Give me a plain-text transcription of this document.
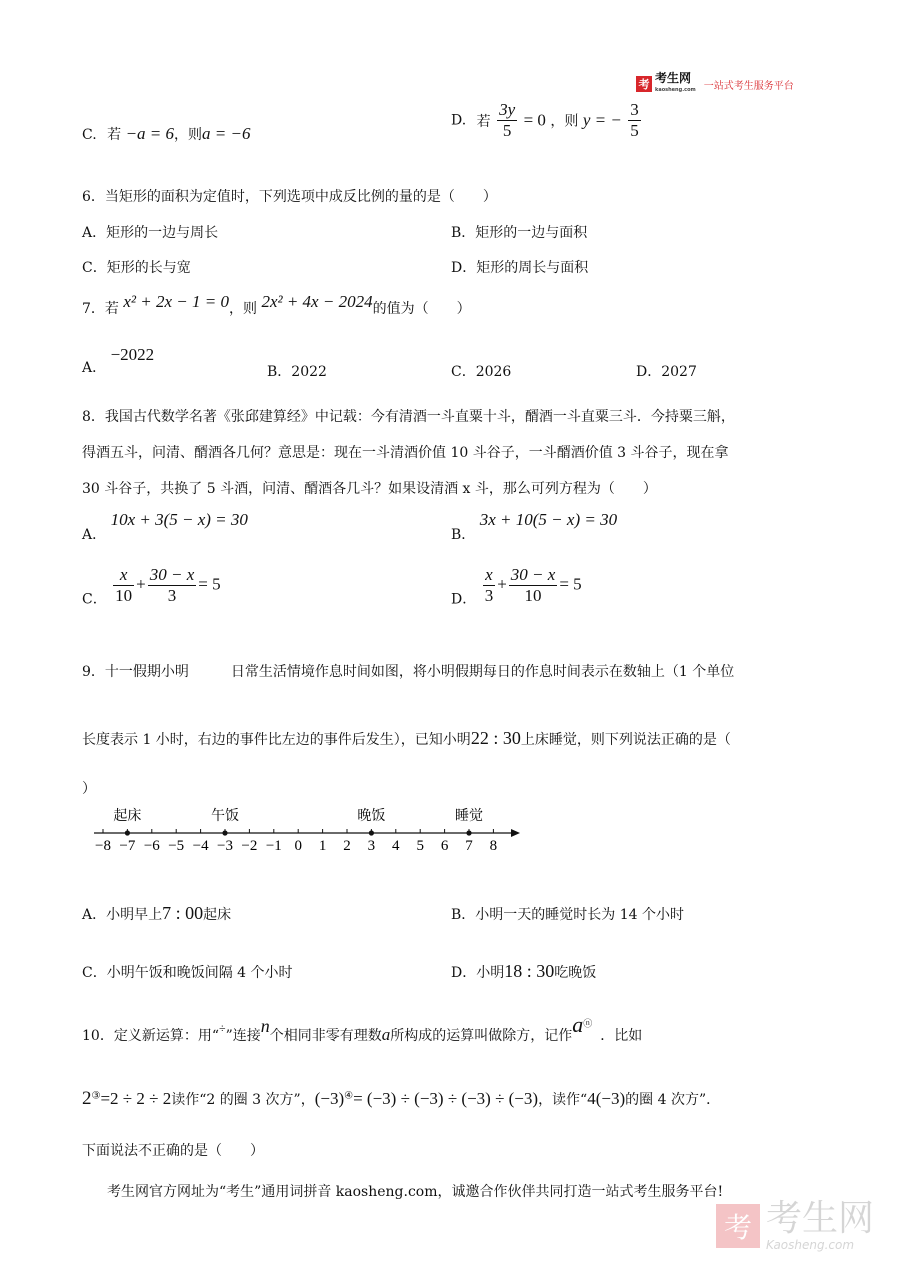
考 考生网
kaosheng.com 一站式考生服务平台
C. 若 −a = 6，则a = −6
D. 若 $\frac{3y}{5} = 0$ ，则 y = − $\frac{3}{5}$
6．当矩形的面积为定值时，下列选项中成反比例的量的是（　　）
A．矩形的一边与周长	B．矩形的一边与面积
C．矩形的长与宽	D．矩形的周长与面积
7．若 x² + 2x − 1 = 0，则 2x² + 4x − 2024的值为（　　）
A． −2022
B．2022	C．2026	D．2027
8．我国古代数学名著《张邱建算经》中记载：今有清酒一斗直粟十斗，醑酒一斗直粟三斗．今持粟三斛，
得酒五斗，问清、醑酒各几何？意思是：现在一斗清酒价值 10 斗谷子，一斗醑酒价值 3 斗谷子，现在拿
30 斗谷子，共换了 5 斗酒，问清、醑酒各几斗？如果设清酒 x 斗，那么可列方程为（　　）
A． 10x + 3(5 − x) = 30
B． 3x + 10(5 − x) = 30
C． $\frac{x}{10} + \frac{30 - x}{3} = 5$
D． $\frac{x}{3} + \frac{30 - x}{10} = 5$
9．十一假期小明　　　日常生活情境作息时间如图，将小明假期每日的作息时间表示在数轴上（1 个单位
长度表示 1 小时，右边的事件比左边的事件后发生），已知小明22 : 30上床睡觉，则下列说法正确的是（
）
−8 −7 −6 −5 −4 −3 −2 −1 0 1 2 3 4 5 6 7 8
起床	午饭	晚饭	睡觉
A．小明早上7 : 00起床	B．小明一天的睡觉时长为 14 个小时
C．小明午饭和晚饭间隔 4 个小时	D．小明18 : 30吃晚饭
10．定义新运算：用“÷”连接n个相同非零有理数a所构成的运算叫做除方，记作aⓝ．比如
2③=2 ÷ 2 ÷ 2读作“2 的圈 3 次方”，(−3)④= (−3) ÷ (−3) ÷ (−3) ÷ (−3)，读作“4(−3)的圈 4 次方”．
下面说法不正确的是（　　）
考生网官方网址为“考生”通用词拼音 kaosheng.com，诚邀合作伙伴共同打造一站式考生服务平台!
考 考生网
Kaosheng.com
